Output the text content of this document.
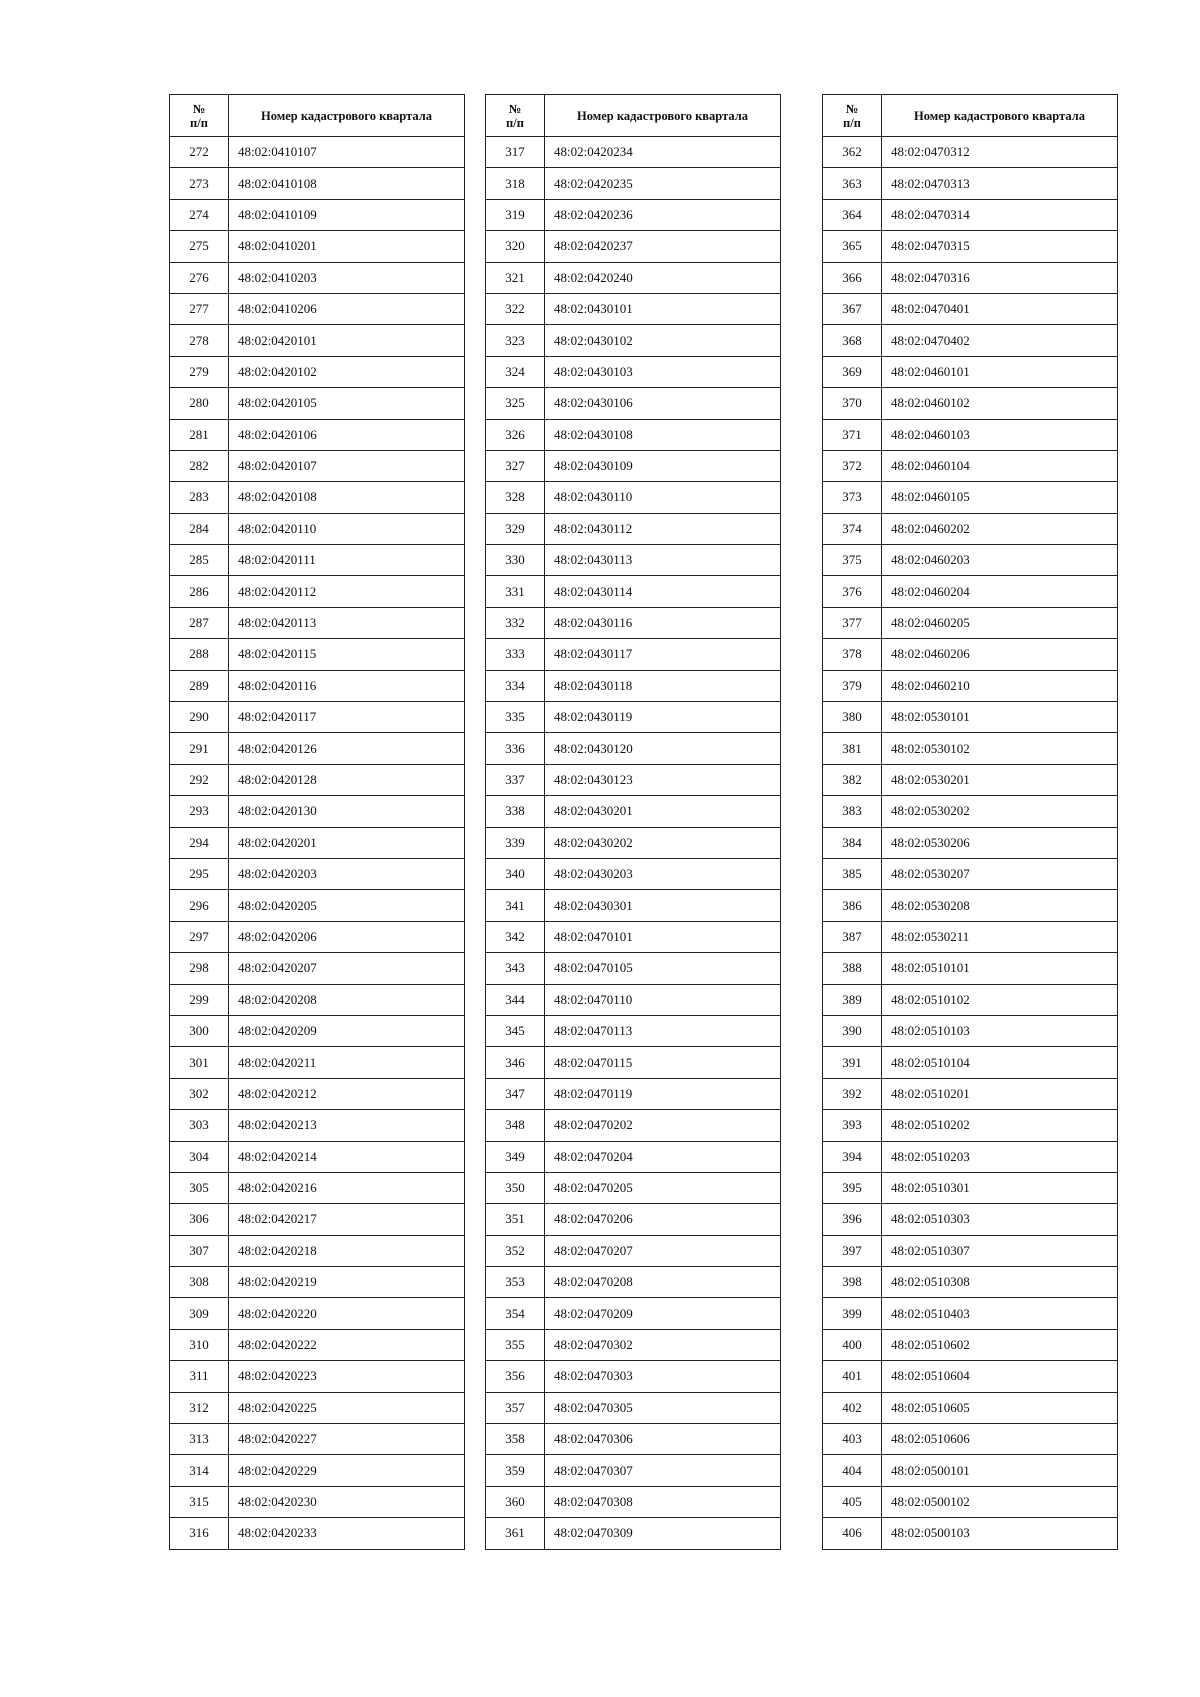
№
п/п	Номер кадастрового квартала
272	48:02:0410107
273	48:02:0410108
274	48:02:0410109
275	48:02:0410201
276	48:02:0410203
277	48:02:0410206
278	48:02:0420101
279	48:02:0420102
280	48:02:0420105
281	48:02:0420106
282	48:02:0420107
283	48:02:0420108
284	48:02:0420110
285	48:02:0420111
286	48:02:0420112
287	48:02:0420113
288	48:02:0420115
289	48:02:0420116
290	48:02:0420117
291	48:02:0420126
292	48:02:0420128
293	48:02:0420130
294	48:02:0420201
295	48:02:0420203
296	48:02:0420205
297	48:02:0420206
298	48:02:0420207
299	48:02:0420208
300	48:02:0420209
301	48:02:0420211
302	48:02:0420212
303	48:02:0420213
304	48:02:0420214
305	48:02:0420216
306	48:02:0420217
307	48:02:0420218
308	48:02:0420219
309	48:02:0420220
310	48:02:0420222
311	48:02:0420223
312	48:02:0420225
313	48:02:0420227
314	48:02:0420229
315	48:02:0420230
316	48:02:0420233
№
п/п	Номер кадастрового квартала
317	48:02:0420234
318	48:02:0420235
319	48:02:0420236
320	48:02:0420237
321	48:02:0420240
322	48:02:0430101
323	48:02:0430102
324	48:02:0430103
325	48:02:0430106
326	48:02:0430108
327	48:02:0430109
328	48:02:0430110
329	48:02:0430112
330	48:02:0430113
331	48:02:0430114
332	48:02:0430116
333	48:02:0430117
334	48:02:0430118
335	48:02:0430119
336	48:02:0430120
337	48:02:0430123
338	48:02:0430201
339	48:02:0430202
340	48:02:0430203
341	48:02:0430301
342	48:02:0470101
343	48:02:0470105
344	48:02:0470110
345	48:02:0470113
346	48:02:0470115
347	48:02:0470119
348	48:02:0470202
349	48:02:0470204
350	48:02:0470205
351	48:02:0470206
352	48:02:0470207
353	48:02:0470208
354	48:02:0470209
355	48:02:0470302
356	48:02:0470303
357	48:02:0470305
358	48:02:0470306
359	48:02:0470307
360	48:02:0470308
361	48:02:0470309
№
п/п	Номер кадастрового квартала
362	48:02:0470312
363	48:02:0470313
364	48:02:0470314
365	48:02:0470315
366	48:02:0470316
367	48:02:0470401
368	48:02:0470402
369	48:02:0460101
370	48:02:0460102
371	48:02:0460103
372	48:02:0460104
373	48:02:0460105
374	48:02:0460202
375	48:02:0460203
376	48:02:0460204
377	48:02:0460205
378	48:02:0460206
379	48:02:0460210
380	48:02:0530101
381	48:02:0530102
382	48:02:0530201
383	48:02:0530202
384	48:02:0530206
385	48:02:0530207
386	48:02:0530208
387	48:02:0530211
388	48:02:0510101
389	48:02:0510102
390	48:02:0510103
391	48:02:0510104
392	48:02:0510201
393	48:02:0510202
394	48:02:0510203
395	48:02:0510301
396	48:02:0510303
397	48:02:0510307
398	48:02:0510308
399	48:02:0510403
400	48:02:0510602
401	48:02:0510604
402	48:02:0510605
403	48:02:0510606
404	48:02:0500101
405	48:02:0500102
406	48:02:0500103
